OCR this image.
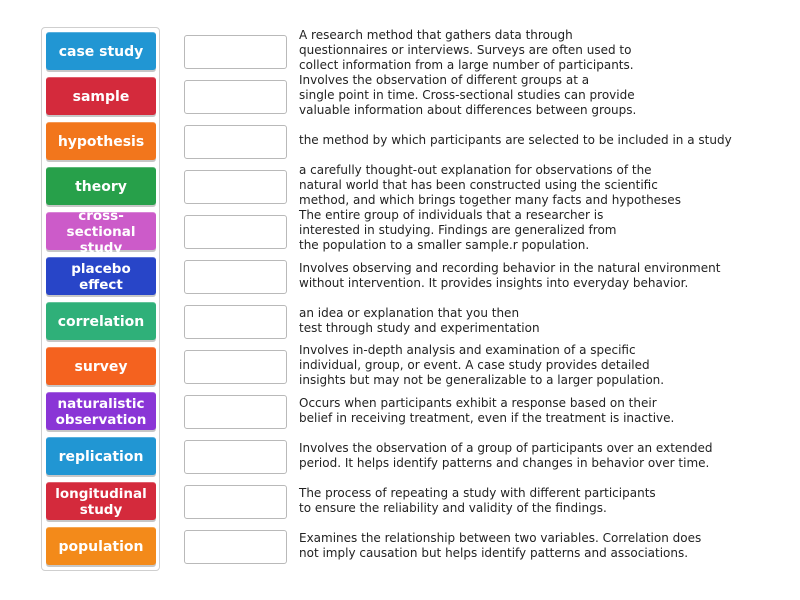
case study
sample
hypothesis
theory
cross-sectional study
placebo effect
correlation
survey
naturalistic observation
replication
longitudinal study
population
A research method that gathers data through
questionnaires or interviews. Surveys are often used to
collect information from a large number of participants.
Involves the observation of different groups at a
single point in time. Cross-sectional studies can provide
valuable information about differences between groups.
the method by which participants are selected to be included in a study
a carefully thought-out explanation for observations of the
natural world that has been constructed using the scientific
method, and which brings together many facts and hypotheses
The entire group of individuals that a researcher is
interested in studying. Findings are generalized from
the population to a smaller sample.r population.
Involves observing and recording behavior in the natural environment
without intervention. It provides insights into everyday behavior.
an idea or explanation that you then
test through study and experimentation
Involves in-depth analysis and examination of a specific
individual, group, or event. A case study provides detailed
insights but may not be generalizable to a larger population.
Occurs when participants exhibit a response based on their
belief in receiving treatment, even if the treatment is inactive.
Involves the observation of a group of participants over an extended
period. It helps identify patterns and changes in behavior over time.
The process of repeating a study with different participants
to ensure the reliability and validity of the findings.
Examines the relationship between two variables. Correlation does
not imply causation but helps identify patterns and associations.
